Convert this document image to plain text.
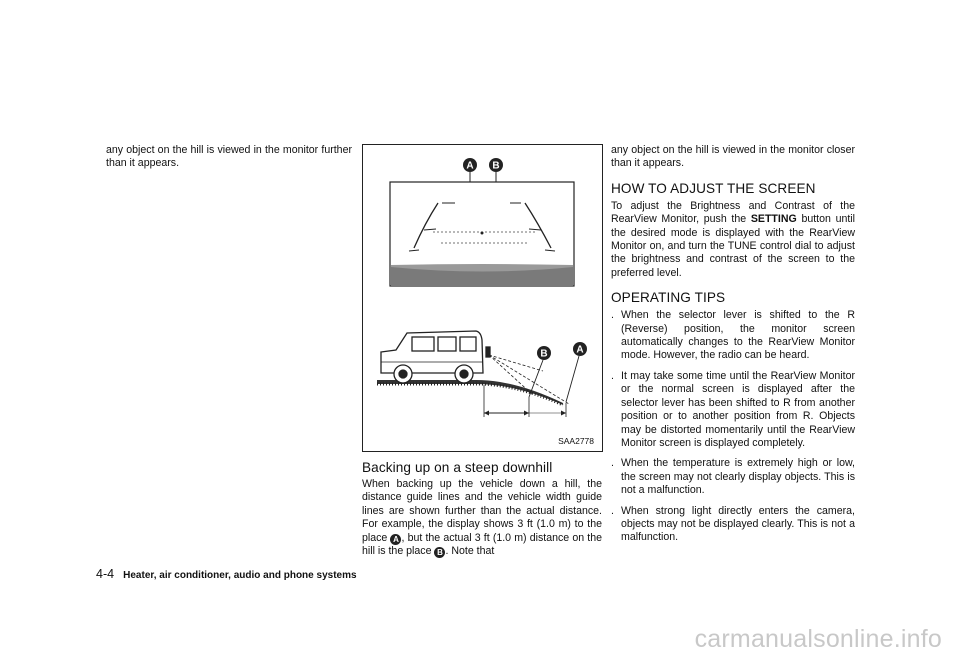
any object on the hill is viewed in the monitor further than it appears.	A B
B	A
SAA2778
Backing up on a steep downhill

When backing up the vehicle down a hill, the distance guide lines and the vehicle width guide lines are shown further than the actual distance. For example, the display shows 3 ft (1.0 m) to the place A , but the actual 3 ft (1.0 m) distance on the hill is the place B . Note that

any object on the hill is viewed in the monitor closer than it appears.

HOW TO ADJUST THE SCREEN

To adjust the Brightness and Contrast of the RearView Monitor, push the SETTING button until the desired mode is displayed with the RearView Monitor on, and turn the TUNE control dial to adjust the brightness and contrast of the screen to the preferred level.

OPERATING TIPS
. When the selector lever is shifted to the R (Reverse) position, the monitor screen automatically changes to the RearView Monitor mode. However, the radio can be heard.
. It may take some time until the RearView Monitor or the normal screen is displayed after the selector lever has been shifted to R from another position or to another position from R. Objects may be distorted momentarily until the RearView Monitor screen is displayed completely.
. When the temperature is extremely high or low, the screen may not clearly display objects. This is not a malfunction.
. When strong light directly enters the camera, objects may not be displayed clearly. This is not a malfunction.
4-4 Heater, air conditioner, audio and phone systems
carmanualsonline.info
